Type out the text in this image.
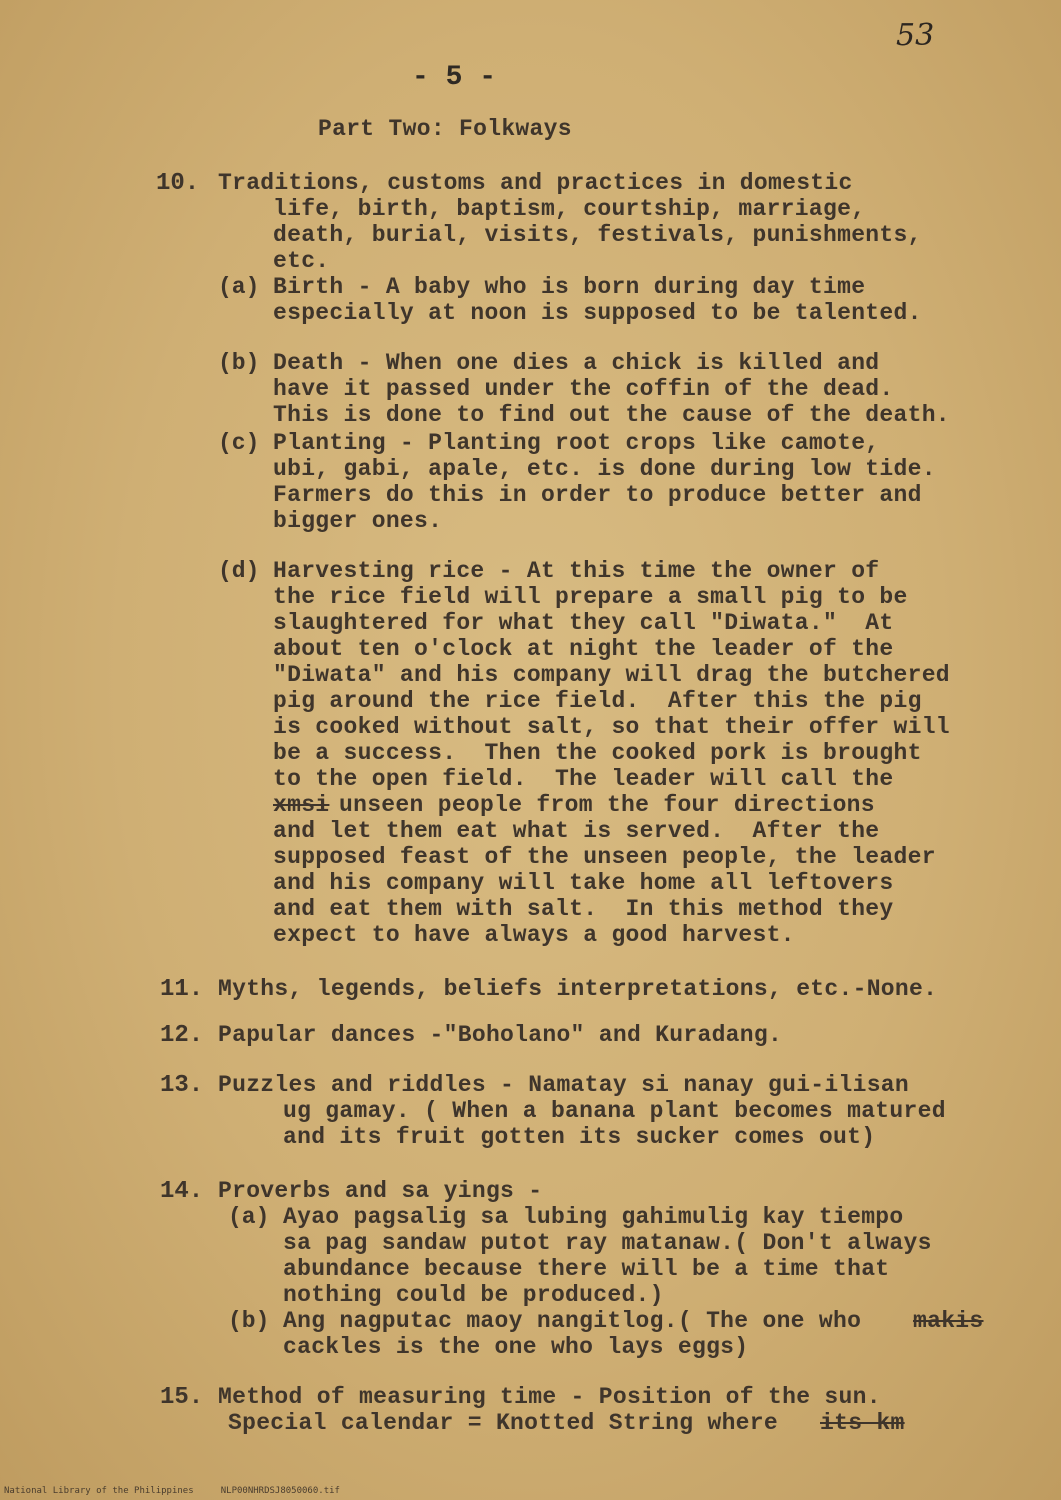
53
- 5 -
Part Two: Folkways
10. Traditions, customs and practices in domestic
life, birth, baptism, courtship, marriage,
death, burial, visits, festivals, punishments,
etc.
(a) Birth - A baby who is born during day time
especially at noon is supposed to be talented.
(b) Death - When one dies a chick is killed and
have it passed under the coffin of the dead.
This is done to find out the cause of the death.
(c) Planting - Planting root crops like camote,
ubi, gabi, apale, etc. is done during low tide.
Farmers do this in order to produce better and
bigger ones.
(d) Harvesting rice - At this time the owner of
the rice field will prepare a small pig to be
slaughtered for what they call "Diwata."  At
about ten o'clock at night the leader of the
"Diwata" and his company will drag the butchered
pig around the rice field.  After this the pig
is cooked without salt, so that their offer will
be a success.  Then the cooked pork is brought
to the open field.  The leader will call the
xmsi unseen people from the four directions
and let them eat what is served.  After the
supposed feast of the unseen people, the leader
and his company will take home all leftovers
and eat them with salt.  In this method they
expect to have always a good harvest.
11. Myths, legends, beliefs interpretations, etc.-None.
12. Papular dances -"Boholano" and Kuradang.
13. Puzzles and riddles - Namatay si nanay gui-ilisan
ug gamay. ( When a banana plant becomes matured
and its fruit gotten its sucker comes out)
14. Proverbs and sa yings -
(a) Ayao pagsalig sa lubing gahimulig kay tiempo
sa pag sandaw putot ray matanaw.( Don't always
abundance because there will be a time that
nothing could be produced.)
(b) Ang nagputac maoy nangitlog.( The one who makis
cackles is the one who lays eggs)
15. Method of measuring time - Position of the sun.
Special calendar = Knotted String where its km
National Library of the Philippines     NLP00NHRDSJ8050060.tif
